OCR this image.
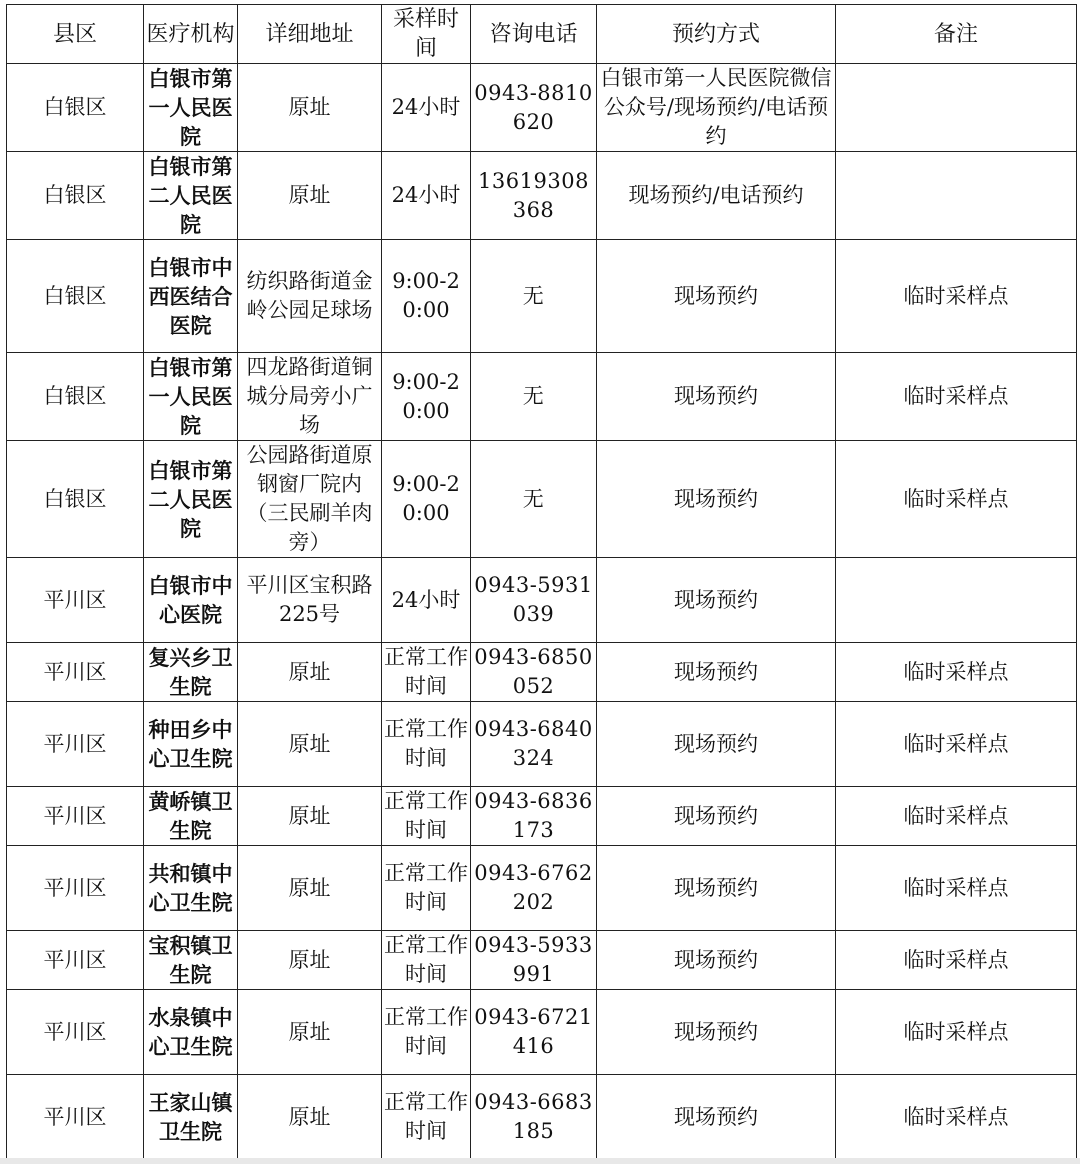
县区	医疗机构	详细地址	采样时间	咨询电话	预约方式	备注
白银区	白银市第一人民医院	原址	24小时	0943-8810620	白银市第一人民医院微信公众号/现场预约/电话预约	
白银区	白银市第二人民医院	原址	24小时	13619308368	现场预约/电话预约	
白银区	白银市中西医结合医院	纺织路街道金岭公园足球场	9:00-20:00	无	现场预约	临时采样点
白银区	白银市第一人民医院	四龙路街道铜城分局旁小广场	9:00-20:00	无	现场预约	临时采样点
白银区	白银市第二人民医院	公园路街道原钢窗厂院内（三民刷羊肉旁）	9:00-20:00	无	现场预约	临时采样点
平川区	白银市中心医院	平川区宝积路225号	24小时	0943-5931039	现场预约	
平川区	复兴乡卫生院	原址	正常工作时间	0943-6850052	现场预约	临时采样点
平川区	种田乡中心卫生院	原址	正常工作时间	0943-6840324	现场预约	临时采样点
平川区	黄峤镇卫生院	原址	正常工作时间	0943-6836173	现场预约	临时采样点
平川区	共和镇中心卫生院	原址	正常工作时间	0943-6762202	现场预约	临时采样点
平川区	宝积镇卫生院	原址	正常工作时间	0943-5933991	现场预约	临时采样点
平川区	水泉镇中心卫生院	原址	正常工作时间	0943-6721416	现场预约	临时采样点
平川区	王家山镇卫生院	原址	正常工作时间	0943-6683185	现场预约	临时采样点
